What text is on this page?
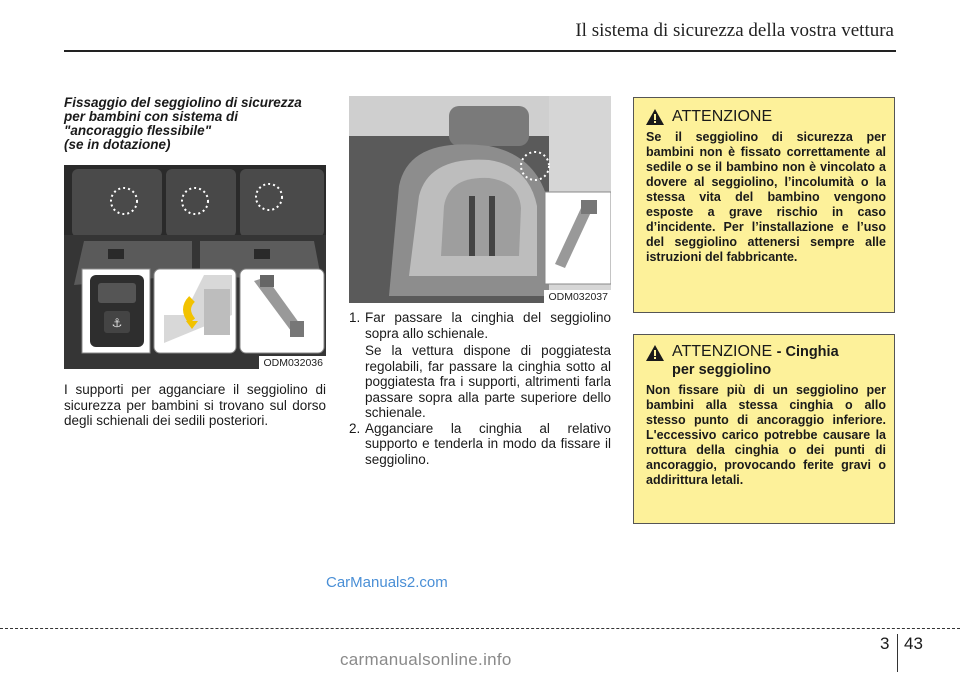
Il sistema di sicurezza della vostra vettura
Fissaggio del seggiolino di sicurezza
per bambini con sistema di
"ancoraggio flessibile"
(se in dotazione)
⚓
ODM032036
I supporti per agganciare il seggiolino di sicurezza per bambini si trovano sul dorso degli schienali dei sedili posteriori.
ODM032037
1. Far passare la cinghia del seggiolino sopra allo schienale.
Se la vettura dispone di poggiatesta regolabili, far passare la cinghia sotto al poggiatesta fra i supporti, altrimenti farla passare sopra alla parte superiore dello schienale.
2. Agganciare la cinghia al relativo supporto e tenderla in modo da fissare il seggiolino.
ATTENZIONE
Se il seggiolino di sicurezza per bambini non è fissato correttamente al sedile o se il bambino non è vincolato a dovere al seggiolino, l’incolumità o la stessa vita del bambino vengono esposte a grave rischio in caso d’incidente. Per l’installazione e l’uso del seggiolino attenersi sempre alle istruzioni del fabbricante.
ATTENZIONE - Cinghia
per seggiolino
Non fissare più di un seggiolino per bambini alla stessa cinghia o allo stesso punto di ancoraggio inferiore. L'eccessivo carico potrebbe causare la rottura della cinghia o dei punti di ancoraggio, provocando ferite gravi o addirittura letali.
CarManuals2.com
3 43
carmanualsonline.info
